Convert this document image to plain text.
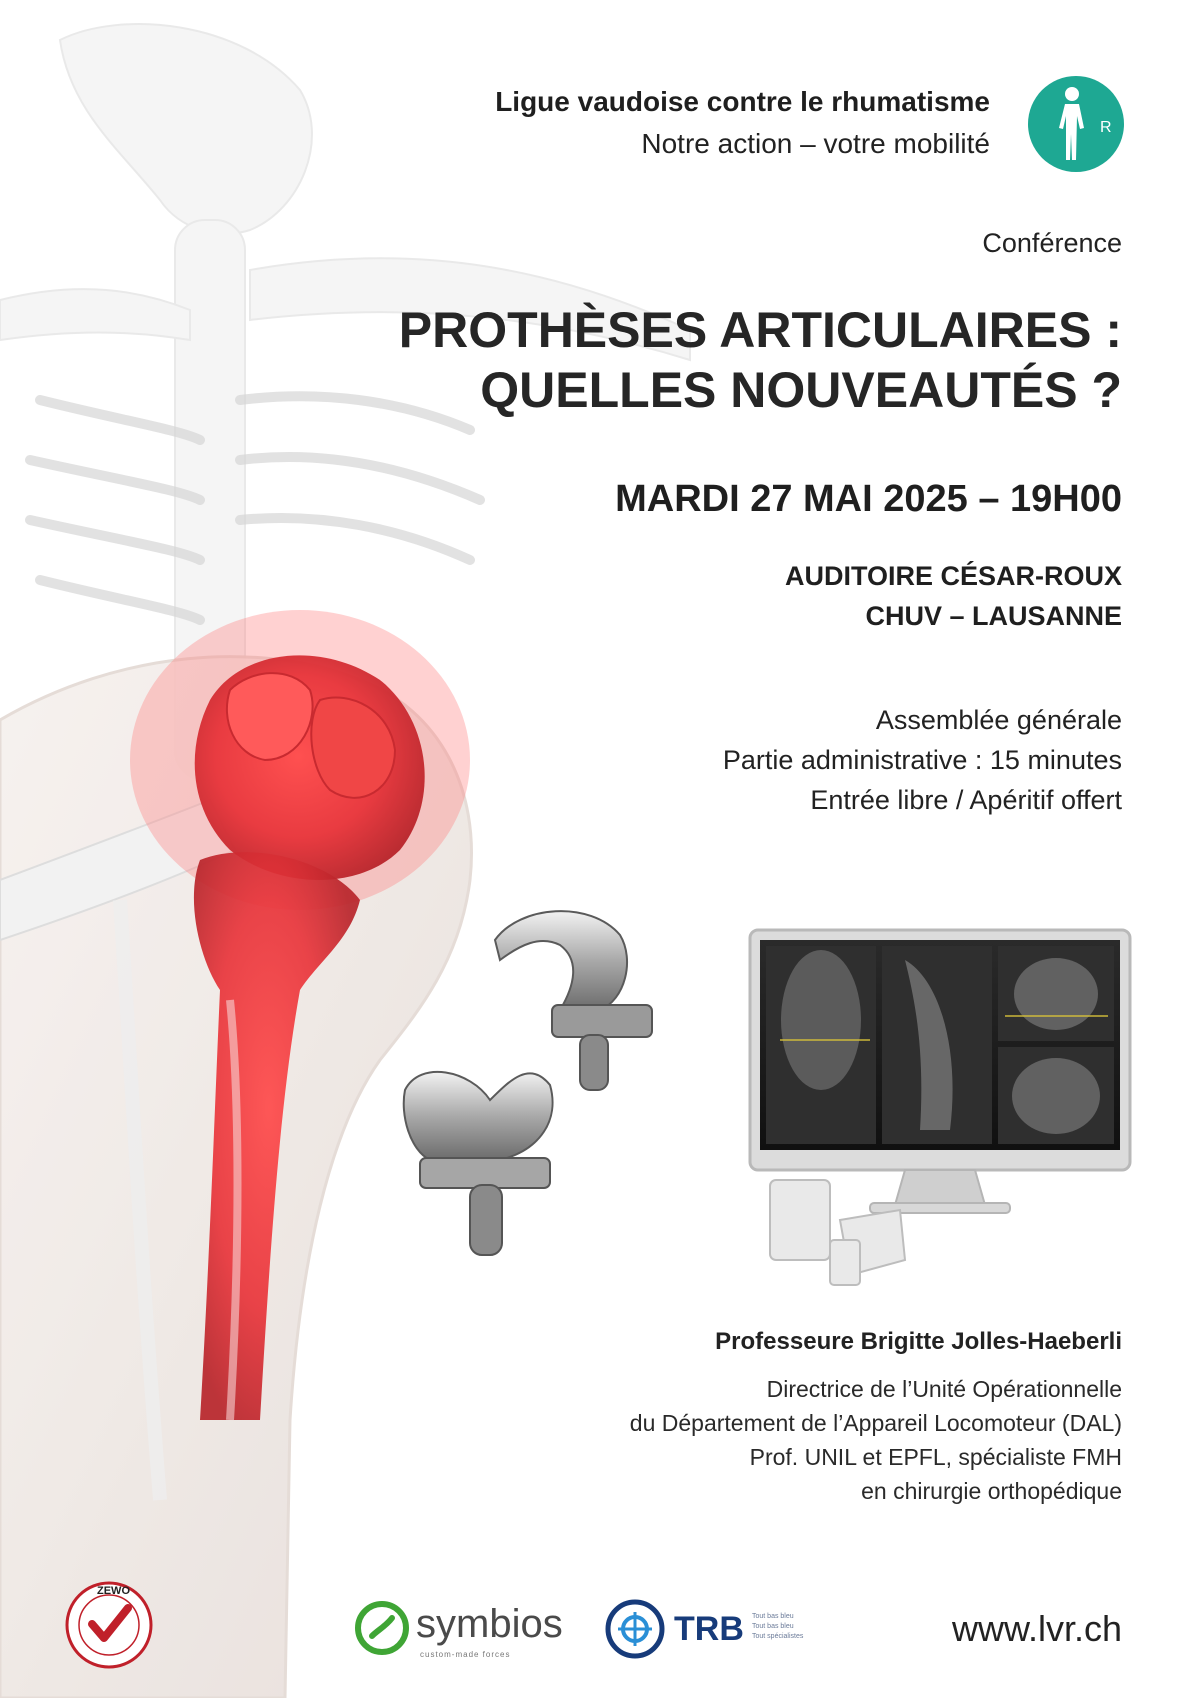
Ligue vaudoise contre le rhumatisme
Notre action – votre mobilité
R
Conférence
PROTHÈSES ARTICULAIRES :
QUELLES NOUVEAUTÉS ?
MARDI 27 MAI 2025 – 19H00
AUDITOIRE CÉSAR-ROUX
CHUV – LAUSANNE
Assemblée générale
Partie administrative : 15 minutes
Entrée libre / Apéritif offert
Professeure Brigitte Jolles-Haeberli
Directrice de l’Unité Opérationnelle
du Département de l’Appareil Locomoteur (DAL)
Prof. UNIL et EPFL, spécialiste FMH
en chirurgie orthopédique
ZEWO
symbios
custom-made forces
TRB Tout bas bleu
Tout bas bleu
Tout spécialistes	www.lvr.ch
